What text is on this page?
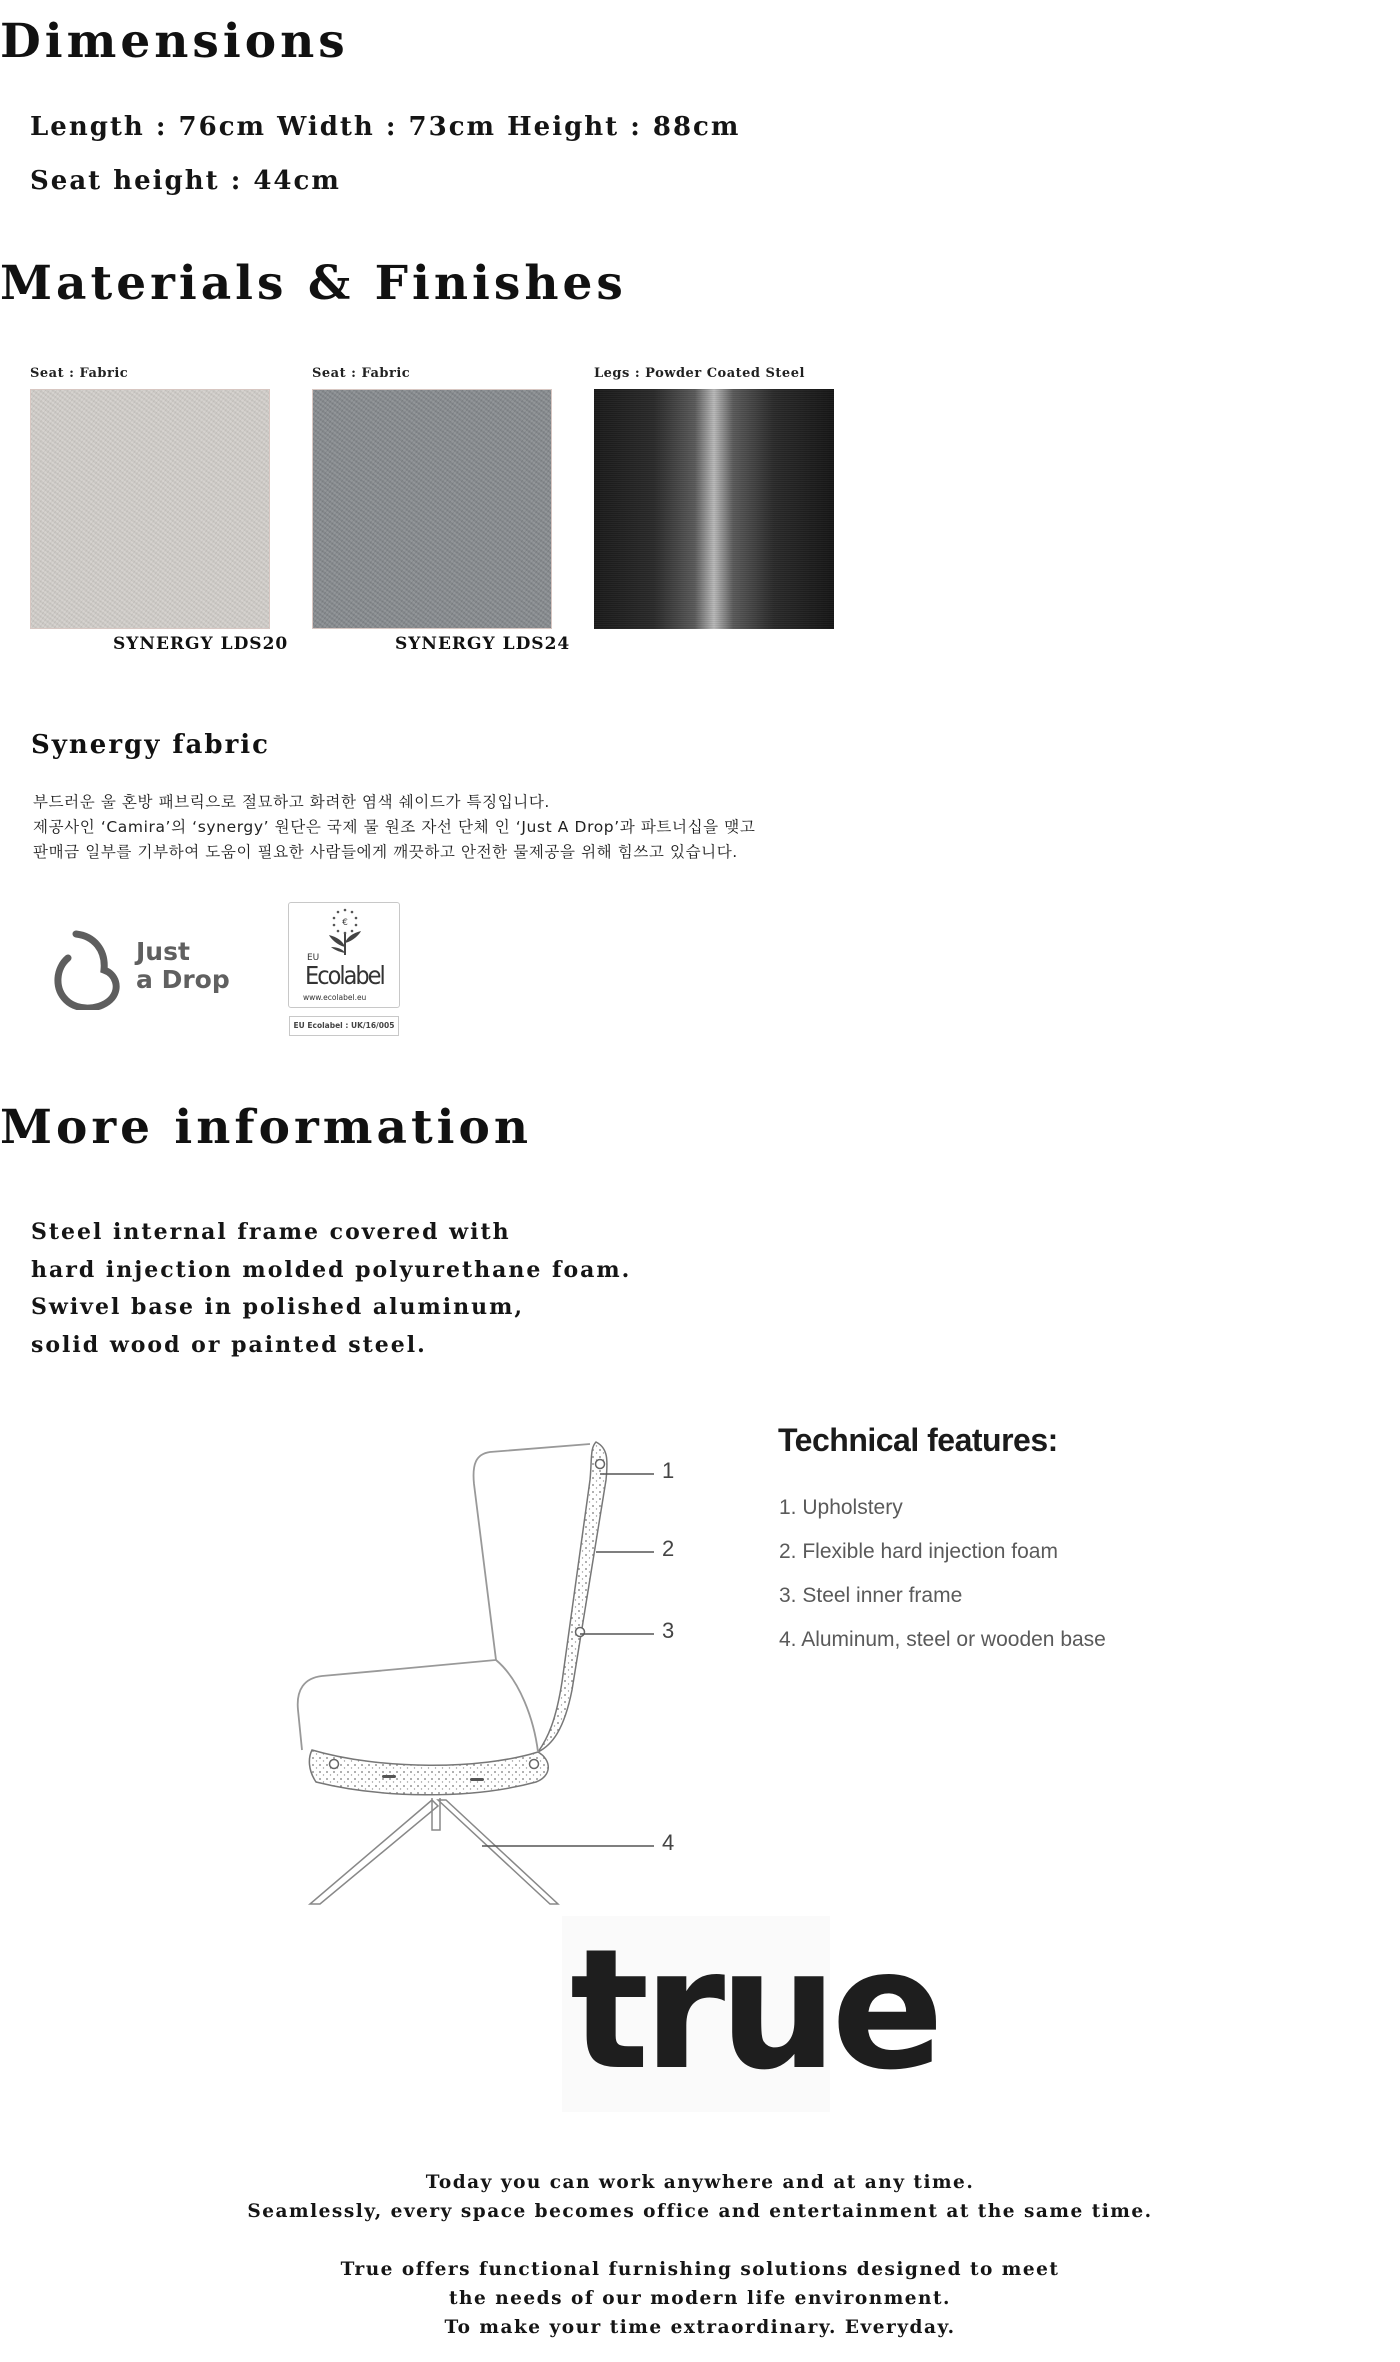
Dimensions
Length : 76cm Width : 73cm Height : 88cm
Seat height : 44cm
Materials & Finishes
Seat : Fabric
SYNERGY LDS20
Seat : Fabric
SYNERGY LDS24
Legs : Powder Coated Steel
Synergy fabric
부드러운 울 혼방 패브릭으로 절묘하고 화려한 염색 쉐이드가 특징입니다.
제공사인 ‘Camira’의 ‘synergy’ 원단은 국제 물 원조 자선 단체 인 ‘Just A Drop’과 파트너십을 맺고
판매금 일부를 기부하여 도움이 필요한 사람들에게 깨끗하고 안전한 물제공을 위해 힘쓰고 있습니다.
Just
a Drop
€
EU
Ecolabel
www.ecolabel.eu
EU Ecolabel : UK/16/005
More information
Steel internal frame covered with
hard injection molded polyurethane foam.
Swivel base in polished aluminum,
solid wood or painted steel.
1
2
3
4
Technical features:
1. Upholstery
2. Flexible hard injection foam
3. Steel inner frame
4. Aluminum, steel or wooden base
true
Today you can work anywhere and at any time.
Seamlessly, every space becomes office and entertainment at the same time.
True offers functional furnishing solutions designed to meet
the needs of our modern life environment.
To make your time extraordinary. Everyday.
